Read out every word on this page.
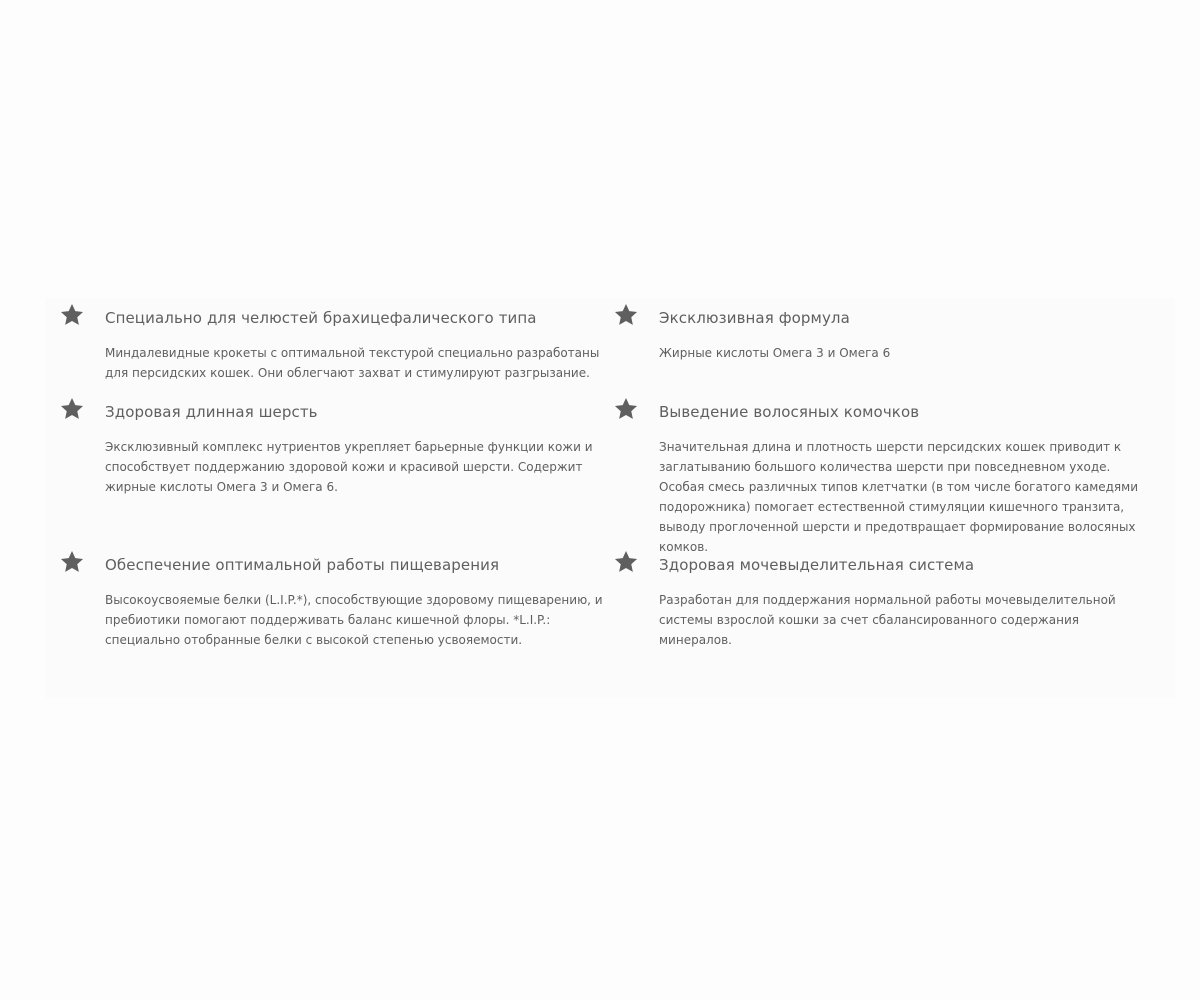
Специально для челюстей брахицефалического типа
Миндалевидные крокеты с оптимальной текстурой специально разработаны для персидских кошек. Они облегчают захват и стимулируют разгрызание.
Эксклюзивная формула
Жирные кислоты Омега 3 и Омега 6
Здоровая длинная шерсть
Эксклюзивный комплекс нутриентов укрепляет барьерные функции кожи и способствует поддержанию здоровой кожи и красивой шерсти. Содержит жирные кислоты Омега 3 и Омега 6.
Выведение волосяных комочков
Значительная длина и плотность шерсти персидских кошек приводит к заглатыванию большого количества шерсти при повседневном уходе. Особая смесь различных типов клетчатки (в том числе богатого камедями подорожника) помогает естественной стимуляции кишечного транзита, выводу проглоченной шерсти и предотвращает формирование волосяных комков.
Обеспечение оптимальной работы пищеварения
Высокоусвояемые белки (L.I.P.*), способствующие здоровому пищеварению, и пребиотики помогают поддерживать баланс кишечной флоры. *L.I.P.: специально отобранные белки с высокой степенью усвояемости.
Здоровая мочевыделительная система
Разработан для поддержания нормальной работы мочевыделительной системы взрослой кошки за счет сбалансированного содержания минералов.
